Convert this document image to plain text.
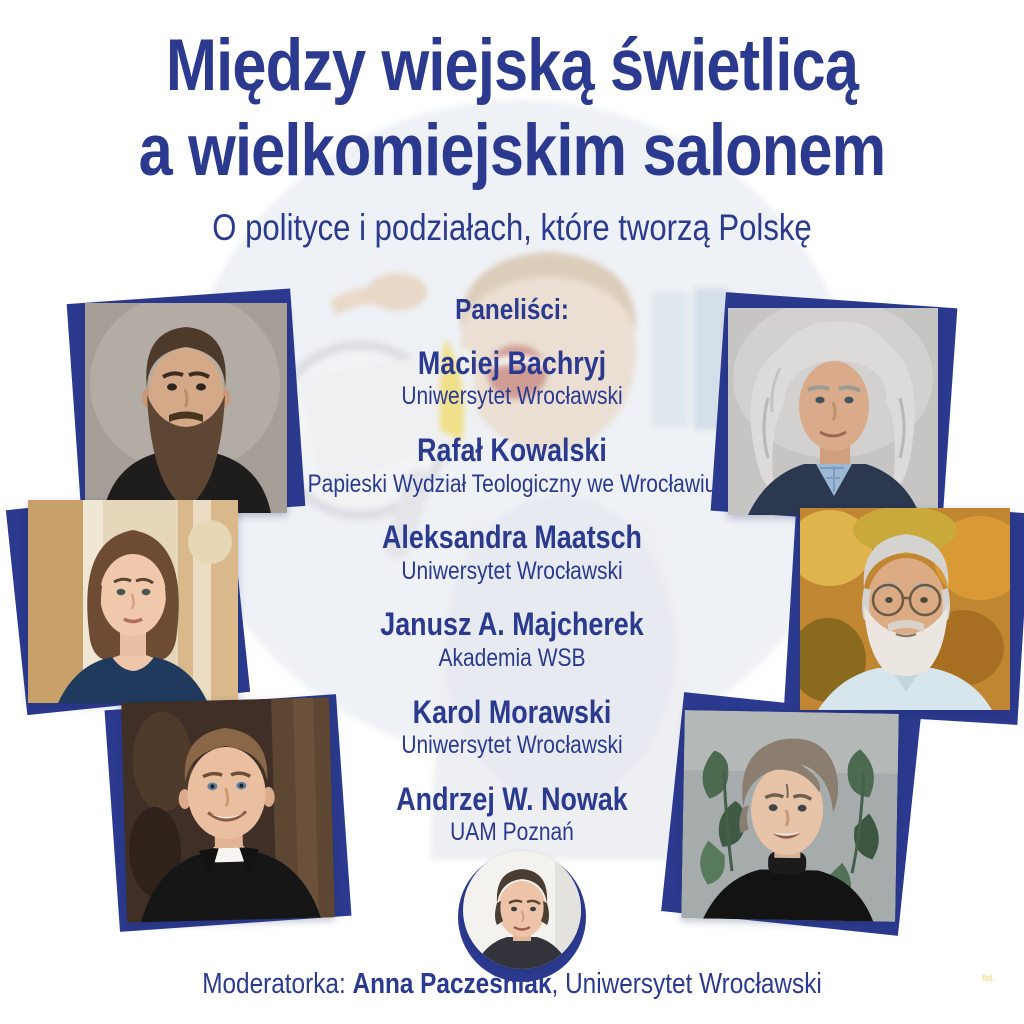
Między wiejską świetlicą
a wielkomiejskim salonem
O polityce i podziałach, które tworzą Polskę
Paneliści:
Maciej Bachryj
Uniwersytet Wrocławski
Rafał Kowalski
Papieski Wydział Teologiczny we Wrocławiu
Aleksandra Maatsch
Uniwersytet Wrocławski
Janusz A. Majcherek
Akademia WSB
Karol Morawski
Uniwersytet Wrocławski
Andrzej W. Nowak
UAM Poznań
Moderatorka: Anna Pacześniak, Uniwersytet Wrocławski	fot.
